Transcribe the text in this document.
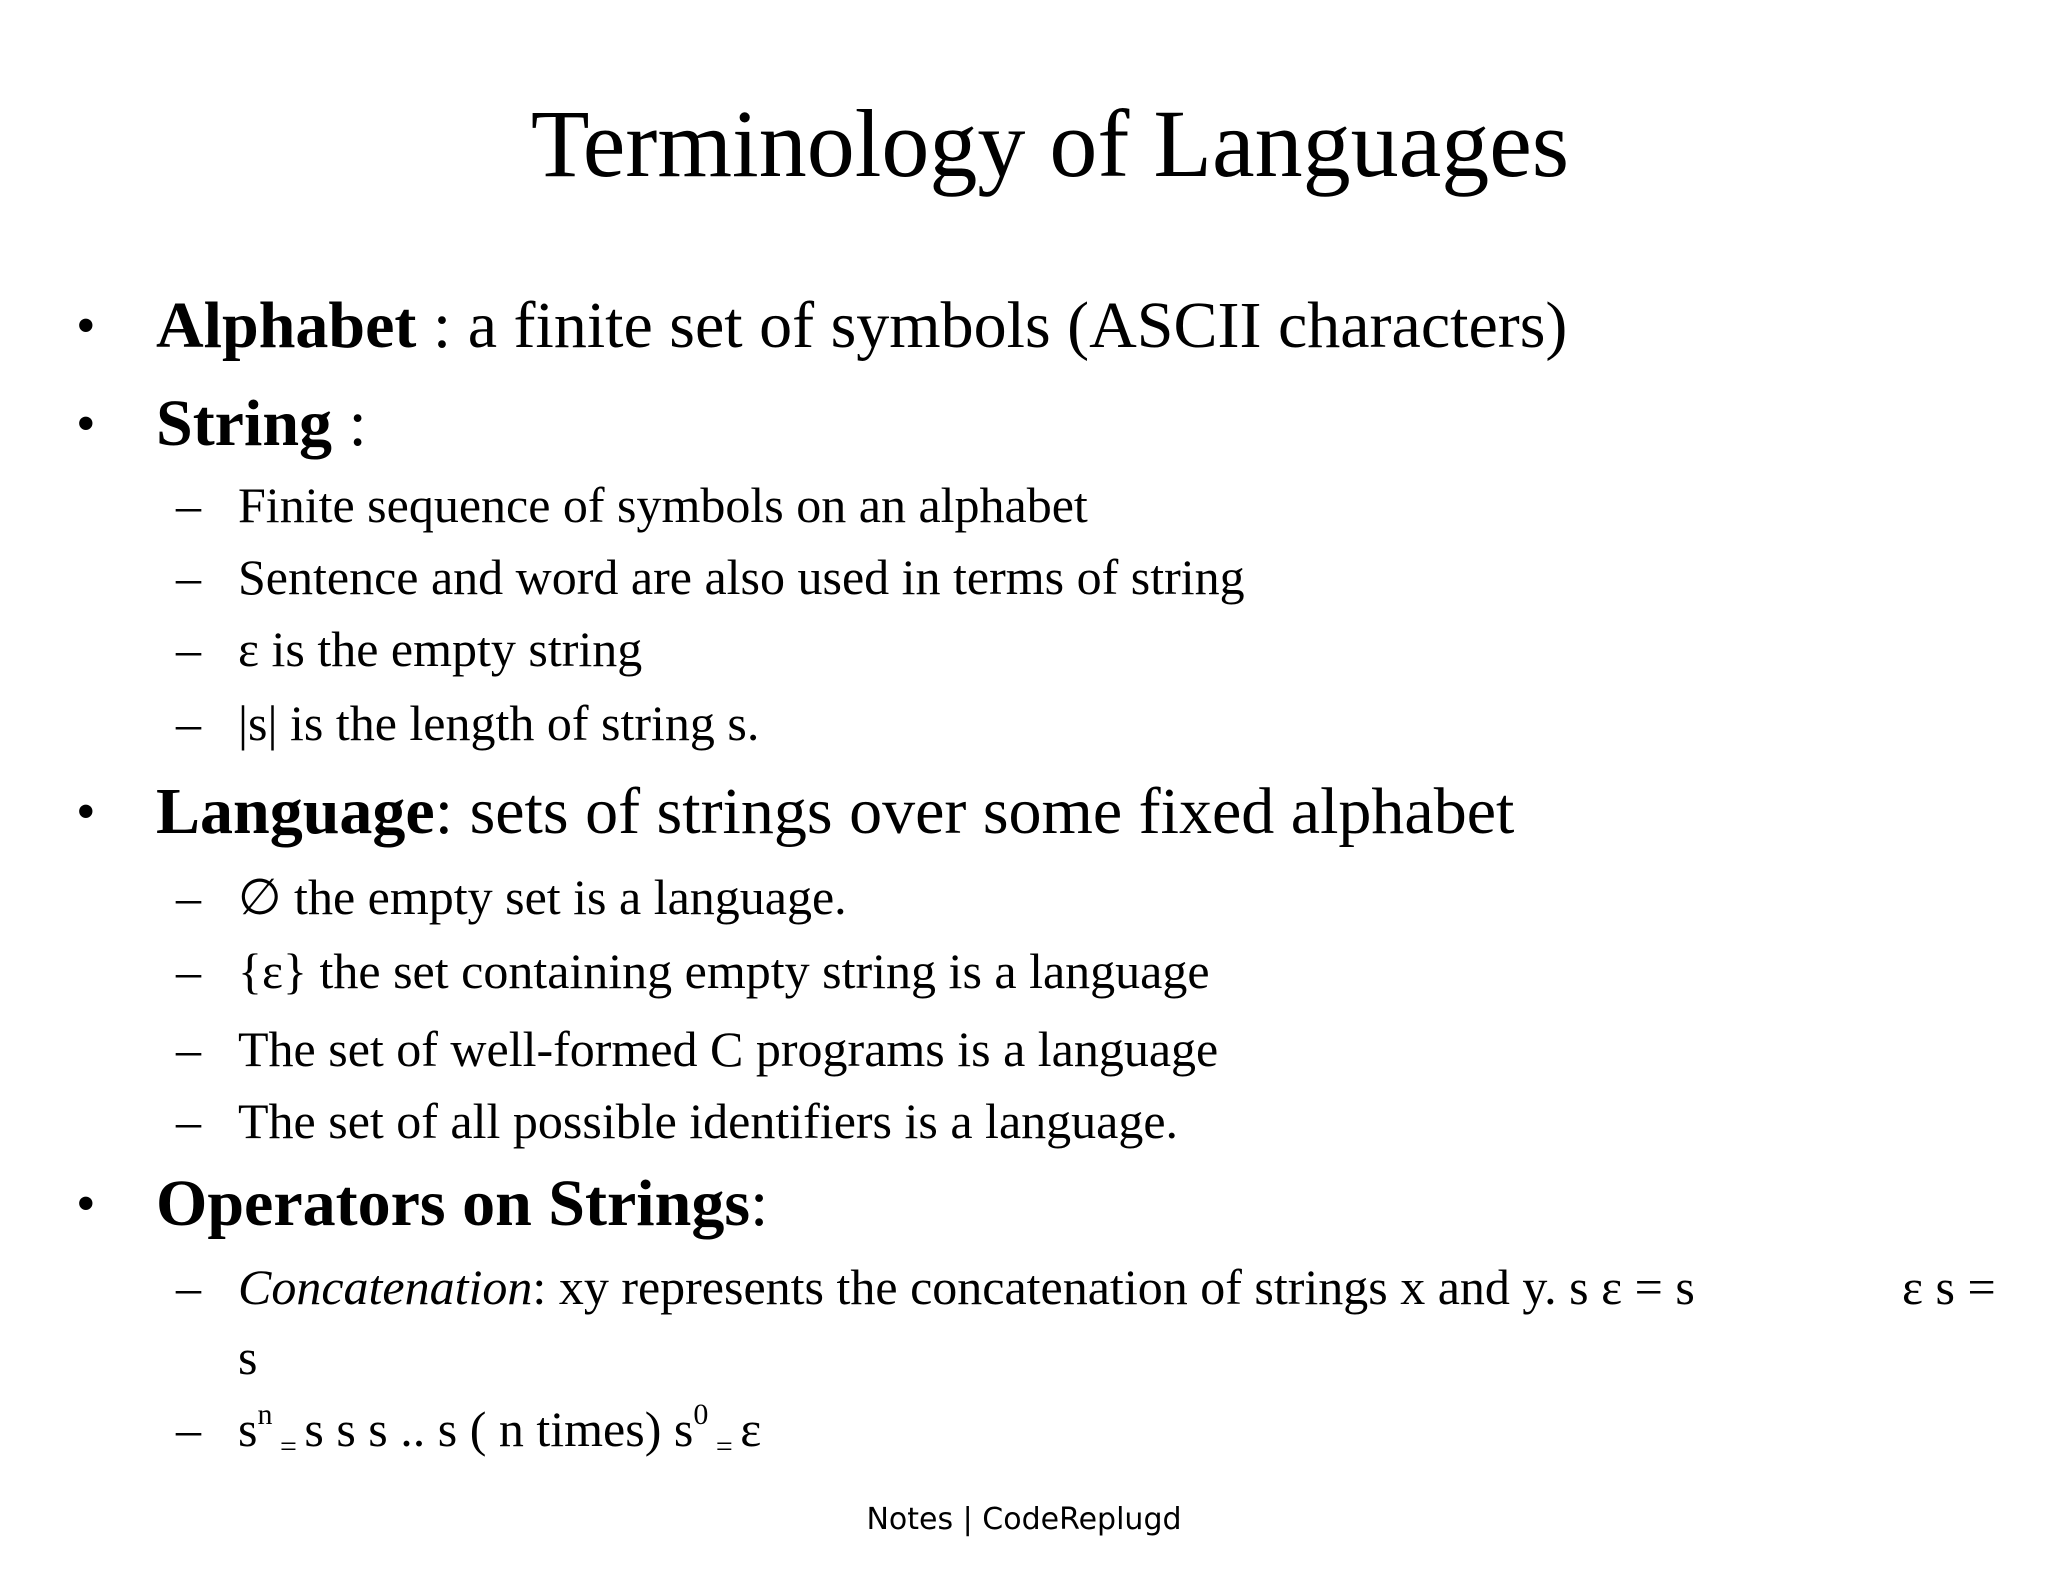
Terminology of Languages
• Alphabet : a finite set of symbols (ASCII characters)
• String :
– Finite sequence of symbols on an alphabet
– Sentence and word are also used in terms of string
– ε is the empty string
– |s| is the length of string s.
• Language: sets of strings over some fixed alphabet
– ∅ the empty set is a language.
– {ε} the set containing empty string is a language
– The set of well-formed C programs is a language
– The set of all possible identifiers is a language.
• Operators on Strings:
– Concatenation: xy represents the concatenation of strings x and y. s ε = s	ε s =
s
– $s^n$ $_=$ s s s .. s ( n times) $s^0$ $_=$ ε
Notes | CodeReplugd
